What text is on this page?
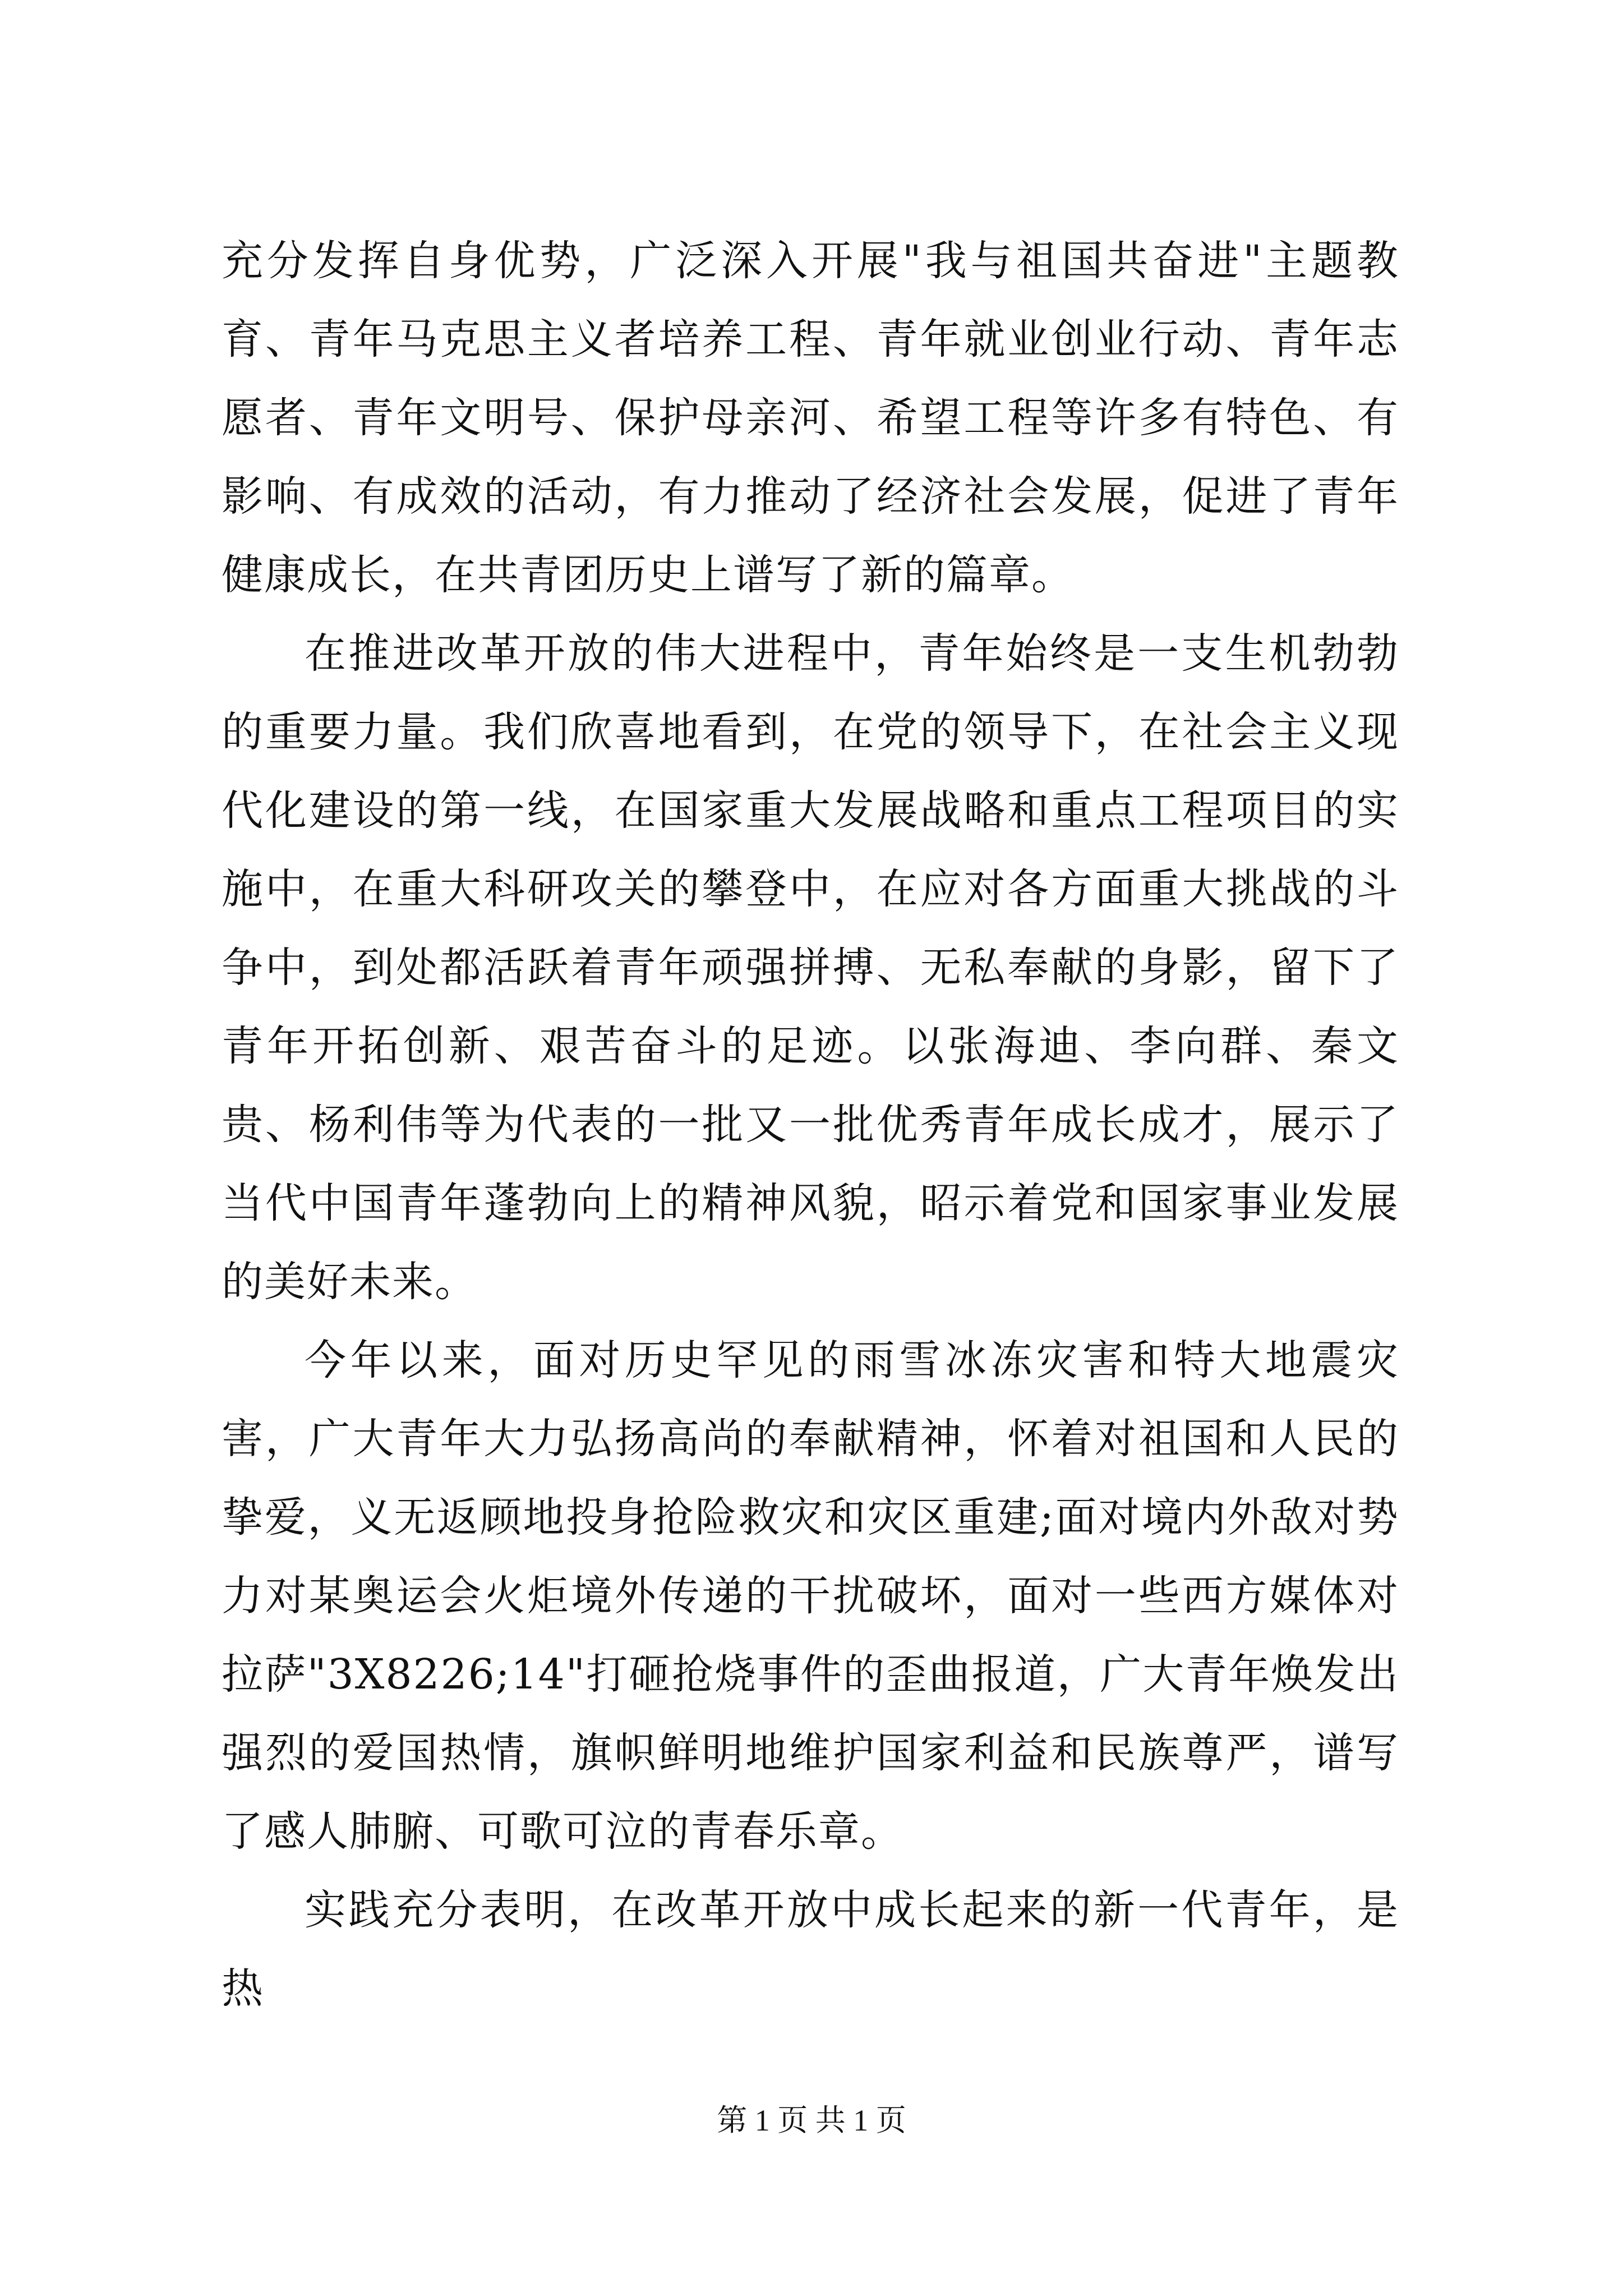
充分发挥自身优势，广泛深入开展"我与祖国共奋进"主题教育、青年马克思主义者培养工程、青年就业创业行动、青年志愿者、青年文明号、保护母亲河、希望工程等许多有特色、有影响、有成效的活动，有力推动了经济社会发展，促进了青年健康成长，在共青团历史上谱写了新的篇章。

在推进改革开放的伟大进程中，青年始终是一支生机勃勃的重要力量。我们欣喜地看到，在党的领导下，在社会主义现代化建设的第一线，在国家重大发展战略和重点工程项目的实施中，在重大科研攻关的攀登中，在应对各方面重大挑战的斗争中，到处都活跃着青年顽强拼搏、无私奉献的身影，留下了青年开拓创新、艰苦奋斗的足迹。以张海迪、李向群、秦文贵、杨利伟等为代表的一批又一批优秀青年成长成才，展示了当代中国青年蓬勃向上的精神风貌，昭示着党和国家事业发展的美好未来。

今年以来，面对历史罕见的雨雪冰冻灾害和特大地震灾害，广大青年大力弘扬高尚的奉献精神，怀着对祖国和人民的挚爱，义无返顾地投身抢险救灾和灾区重建;面对境内外敌对势力对某奥运会火炬境外传递的干扰破坏，面对一些西方媒体对拉萨"3X8226;14"打砸抢烧事件的歪曲报道，广大青年焕发出强烈的爱国热情，旗帜鲜明地维护国家利益和民族尊严，谱写了感人肺腑、可歌可泣的青春乐章。

实践充分表明，在改革开放中成长起来的新一代青年，是热

第 1 页 共 1 页
